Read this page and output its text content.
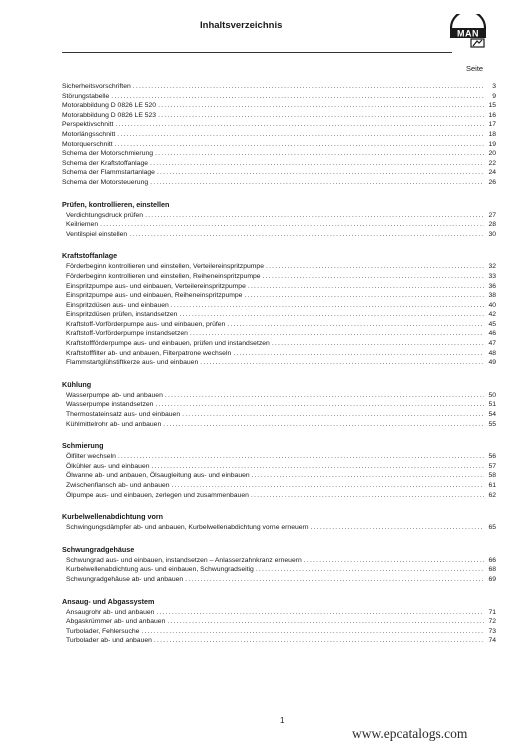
Inhaltsverzeichnis
MAN
Seite
Sicherheitsvorschriften .....	3
Störungstabelle .....	9
Motorabbildung D 0826 LE 520 .....	15
Motorabbildung D 0826 LE 523 .....	16
Perspektivschnitt .....	17
Motorlängsschnitt .....	18
Motorquerschnitt .....	19
Schema der Motorschmierung .....	20
Schema der Kraftstoffanlage .....	22
Schema der Flammstartanlage .....	24
Schema der Motorsteuerung .....	26
Prüfen, kontrollieren, einstellen
Verdichtungsdruck prüfen .....	27
Keilriemen .....	28
Ventilspiel einstellen .....	30
Kraftstoffanlage
Förderbeginn kontrollieren und einstellen, Verteilereinspritzpumpe .....	32
Förderbeginn kontrollieren und einstellen, Reiheneinspritzpumpe .....	33
Einspritzpumpe aus- und einbauen, Verteilereinspritzpumpe .....	36
Einspritzpumpe aus- und einbauen, Reiheneinspritzpumpe .....	38
Einspritzdüsen aus- und einbauen .....	40
Einspritzdüsen prüfen, instandsetzen .....	42
Kraftstoff-Vorförderpumpe aus- und einbauen, prüfen .....	45
Kraftstoff-Vorförderpumpe instandsetzen .....	46
Kraftstoffförderpumpe aus- und einbauen, prüfen und instandsetzen .....	47
Kraftstofffilter ab- und anbauen, Filterpatrone wechseln .....	48
Flammstartglühstiftkerze aus- und einbauen .....	49
Kühlung
Wasserpumpe ab- und anbauen .....	50
Wasserpumpe instandsetzen .....	51
Thermostateinsatz aus- und einbauen .....	54
Kühlmittelrohr ab- und anbauen .....	55
Schmierung
Ölfilter wechseln .....	56
Ölkühler aus- und einbauen .....	57
Ölwanne ab- und anbauen, Ölsaugleitung aus- und einbauen .....	58
Zwischenflansch ab- und anbauen .....	61
Ölpumpe aus- und einbauen, zerlegen und zusammenbauen .....	62
Kurbelwellenabdichtung vorn
Schwingungsdämpfer ab- und anbauen, Kurbelwellenabdichtung vorne erneuern .....	65
Schwungradgehäuse
Schwungrad aus- und einbauen, instandsetzen – Anlasserzahnkranz erneuern .....	66
Kurbelwellenabdichtung aus- und einbauen, Schwungradseitig .....	68
Schwungradgehäuse ab- und anbauen .....	69
Ansaug- und Abgassystem
Ansaugrohr ab- und anbauen .....	71
Abgaskrümmer ab- und anbauen .....	72
Turbolader, Fehlersuche .....	73
Turbolader ab- und anbauen .....	74
1
www.epcatalogs.com
